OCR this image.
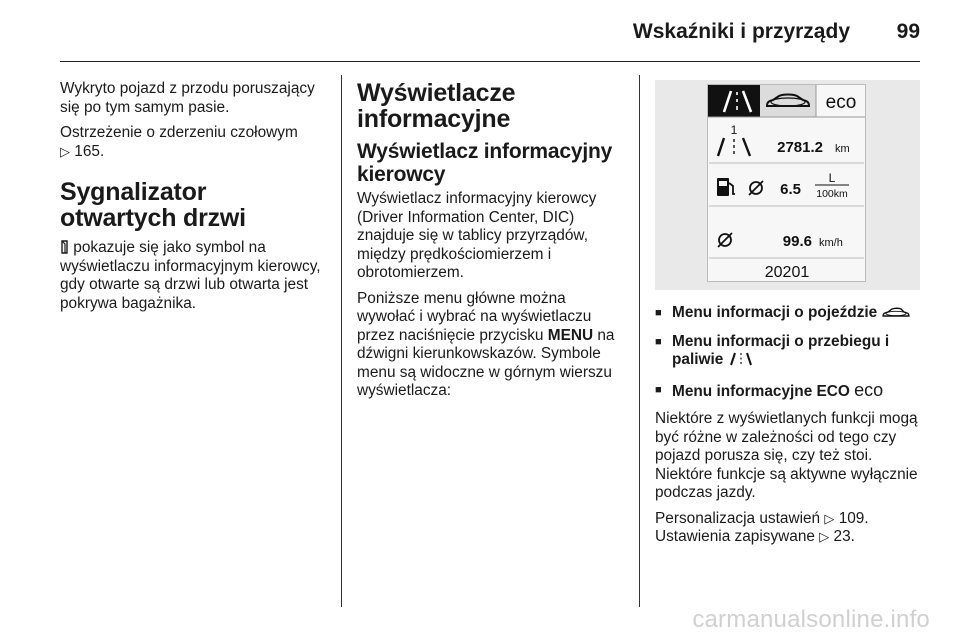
Wskaźniki i przyrządy 99

Wykryto pojazd z przodu poruszający się po tym samym pasie.

Ostrzeżenie o zderzeniu czołowym
▷ 165.

Sygnalizator otwartych drzwi

pokazuje się jako symbol na wyświetlaczu informacyjnym kierowcy, gdy otwarte są drzwi lub otwarta jest pokrywa bagażnika.

Wyświetlacze informacyjne
Wyświetlacz informacyjny kierowcy

Wyświetlacz informacyjny kierowcy (Driver Information Center, DIC) znajduje się w tablicy przyrządów, między prędkościomierzem i obrotomierzem.

Poniższe menu główne można wywołać i wybrać na wyświetlaczu przez naciśnięcie przycisku MENU na dźwigni kierunkowskazów. Symbole menu są widoczne w górnym wierszu wyświetlacza:

eco
1
2781.2 km
6.5
L
100km
99.6 km/h
20201
■ Menu informacji o pojeździe
■ Menu informacji o przebiegu i paliwie
■ Menu informacyjne ECO eco

Niektóre z wyświetlanych funkcji mogą być różne w zależności od tego czy pojazd porusza się, czy też stoi. Niektóre funkcje są aktywne wyłącznie podczas jazdy.

Personalizacja ustawień ▷ 109.
Ustawienia zapisywane ▷ 23.

carmanualsonline.info
